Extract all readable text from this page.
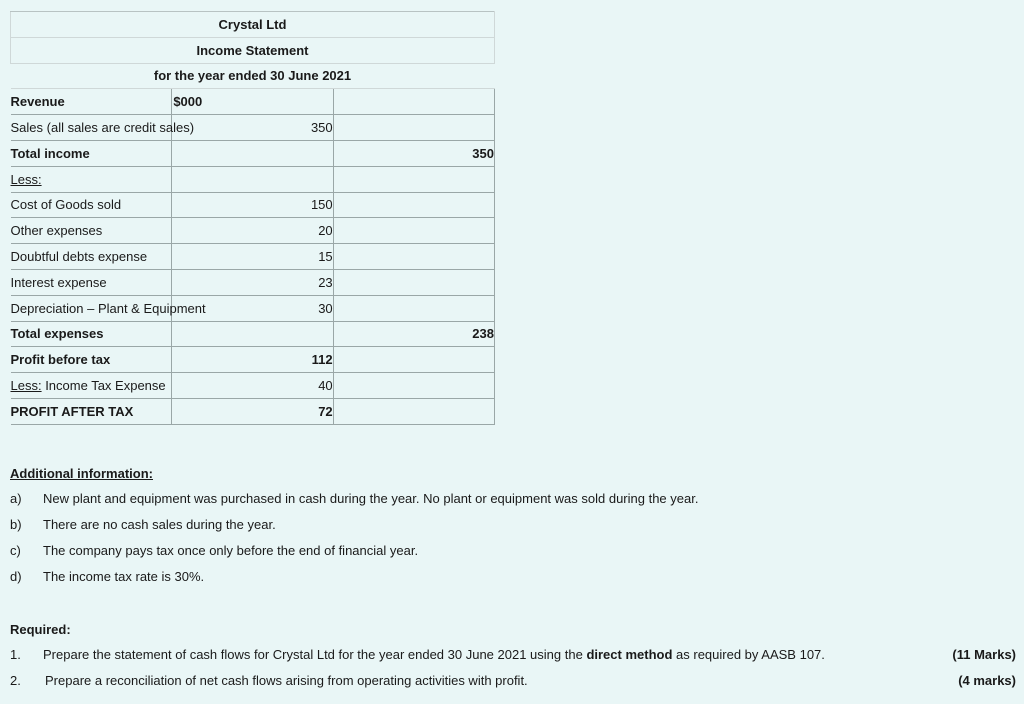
Crystal Ltd		
Income Statement		
for the year ended 30 June 2021		
Revenue	$000	
Sales (all sales are credit sales)	350	
Total income		350
Less:		
Cost of Goods sold	150	
Other expenses	20	
Doubtful debts expense	15	
Interest expense	23	
Depreciation – Plant & Equipment	30	
Total expenses		238
Profit before tax	112	
Less: Income Tax Expense	40	
PROFIT AFTER TAX	72	
Additional information:
a) New plant and equipment was purchased in cash during the year. No plant or equipment was sold during the year.
b) There are no cash sales during the year.
c) The company pays tax once only before the end of financial year.
d) The income tax rate is 30%.
Required:
1. Prepare the statement of cash flows for Crystal Ltd for the year ended 30 June 2021 using the direct method as required by AASB 107.	(11 Marks)
2. Prepare a reconciliation of net cash flows arising from operating activities with profit.	(4 marks)
